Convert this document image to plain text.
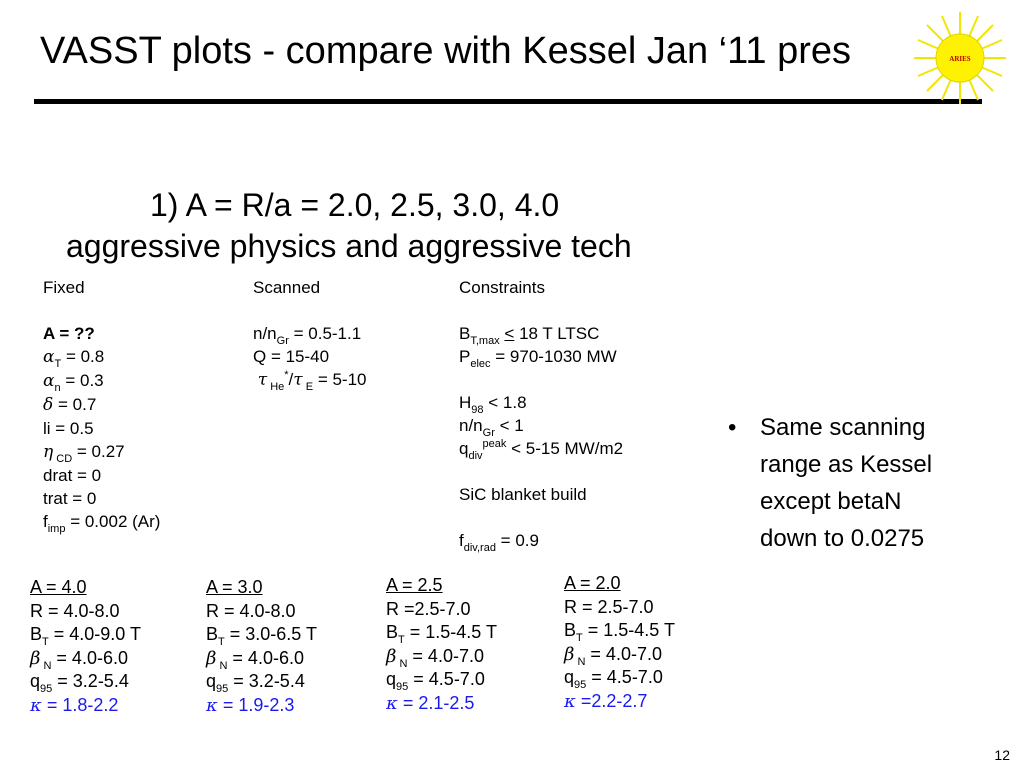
VASST plots - compare with Kessel Jan ‘11 pres	ARIES
1) A = R/a = 2.0, 2.5, 3.0, 4.0
aggressive physics and aggressive tech
Fixed
A = ??
$\alpha_T = 0.8$
$\alpha_n = 0.3$
δ = 0.7
li = 0.5
η $_{CD}$ = 0.27
drat = 0
trat = 0
$f_{imp} = 0.002$ (Ar)
Scanned
$n/n_{Gr} = 0.5-1.1$
Q = 15-40
τ $_{He}$*/τ $_E$ = 5-10
Constraints
$B_{T,max} < 18$ T LTSC
$P_{elec} = 970-1030$ MW
$H_{98} < 1.8$
$n/n_{Gr} < 1$
$q_{div}^{peak} < 5-15$ MW/m2
SiC blanket build
$f_{div,rad} = 0.9$
A = 4.0
R = 4.0-8.0
$B_T = 4.0-9.0$ T
β $_N$ = 4.0-6.0
$q_{95} = 3.2-5.4$
κ = 1.8-2.2
A = 3.0
R = 4.0-8.0
$B_T = 3.0-6.5$ T
β $_N$ = 4.0-6.0
$q_{95} = 3.2-5.4$
κ = 1.9-2.3
A = 2.5
R =2.5-7.0
$B_T = 1.5-4.5$ T
β $_N$ = 4.0-7.0
$q_{95} = 4.5-7.0$
κ = 2.1-2.5
A = 2.0
R = 2.5-7.0
$B_T = 1.5-4.5$ T
β $_N$ = 4.0-7.0
$q_{95} = 4.5-7.0$
κ =2.2-2.7
• Same scanning
range as Kessel
except betaN
down to 0.0275
12
